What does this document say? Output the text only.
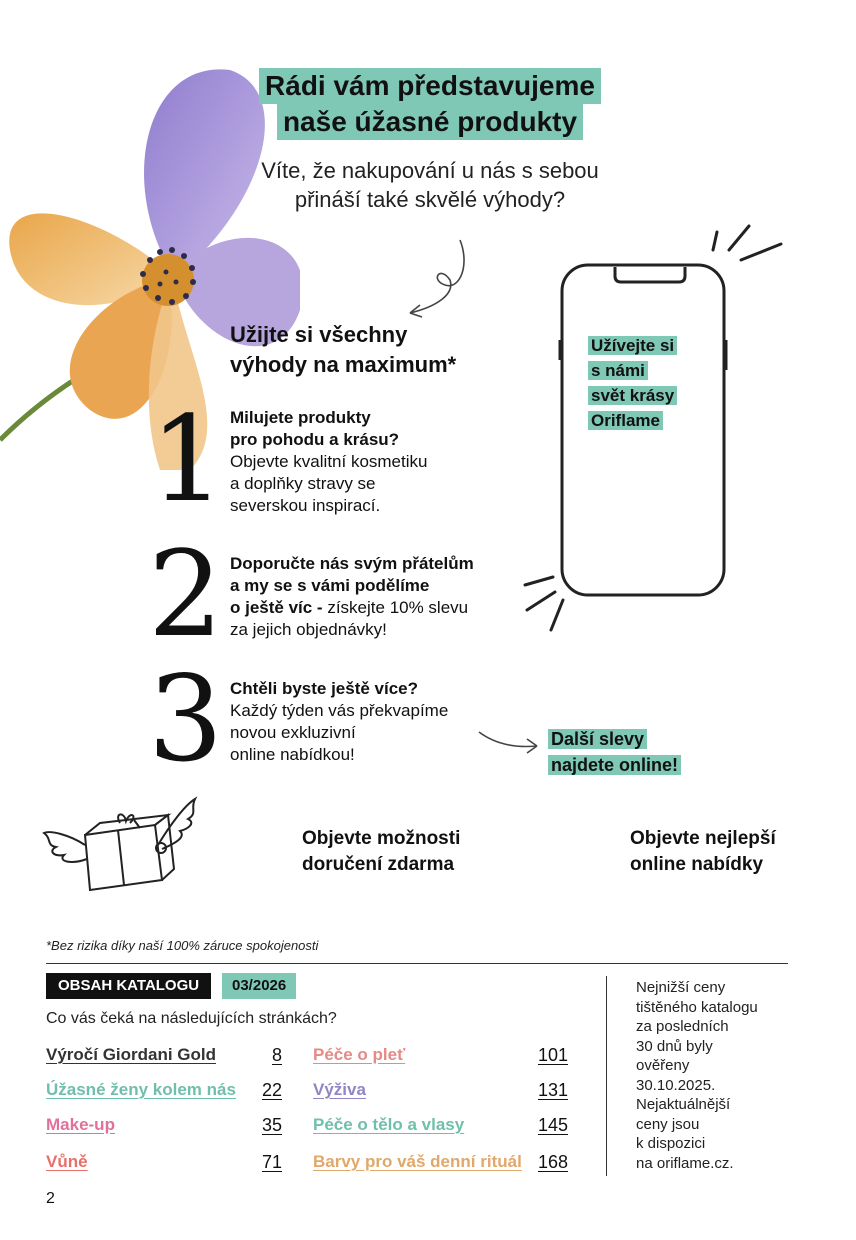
Rádi vám představujeme
naše úžasné produkty
Víte, že nakupování u nás s sebou
přináší také skvělé výhody?
Užijte si všechny
výhody na maximum*
1 Milujete produkty
pro pohodu a krásu?
Objevte kvalitní kosmetiku
a doplňky stravy se
severskou inspirací.
2 Doporučte nás svým přátelům
a my se s vámi podělíme
o ještě víc - získejte 10% slevu
za jejich objednávky!
3 Chtěli byste ještě více?
Každý týden vás překvapíme
novou exkluzivní
online nabídkou!
Další slevy
najdete online!
Užívejte si
s námi
svět krásy
Oriflame
Objevte možnosti
doručení zdarma
Objevte nejlepší
online nabídky
*Bez rizika díky naší 100% záruce spokojenosti
OBSAH KATALOGU	03/2026
Co vás čeká na následujících stránkách?
Výročí Giordani Gold	8
Úžasné ženy kolem nás	22
Make-up	35
Vůně	71
Péče o pleť	101
Výživa	131
Péče o tělo a vlasy	145
Barvy pro váš denní rituál 168
Nejnižší ceny
tištěného katalogu
za posledních
30 dnů byly
ověřeny
30.10.2025.
Nejaktuálnější
ceny jsou
k dispozici
na oriflame.cz.
2
